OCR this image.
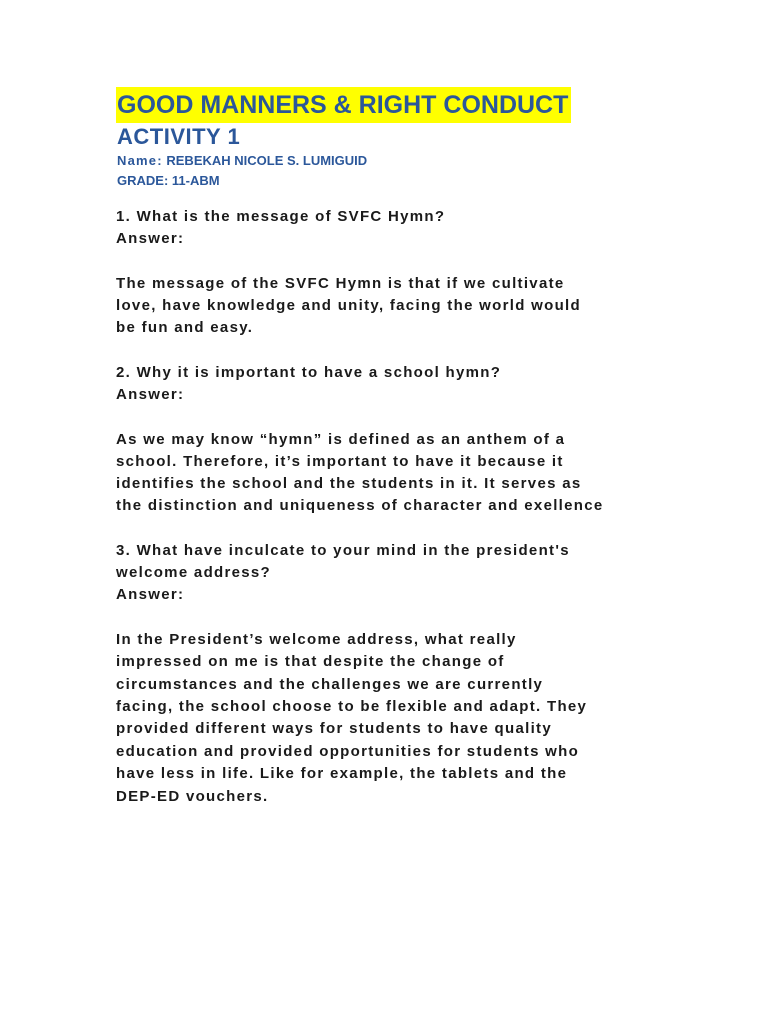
GOOD MANNERS & RIGHT CONDUCT
ACTIVITY 1

Name: REBEKAH NICOLE S. LUMIGUID

GRADE: 11-ABM

1. What is the message of SVFC Hymn?

Answer:

The message of the SVFC Hymn is that if we cultivate

love, have knowledge and unity, facing the world would

be fun and easy.

2. Why it is important to have a school hymn?

Answer:

As we may know “hymn” is defined as an anthem of a

school. Therefore, it’s important to have it because it

identifies the school and the students in it. It serves as

the distinction and uniqueness of character and exellence

3. What have inculcate to your mind in the president's

welcome address?

Answer:

In the President’s welcome address, what really

impressed on me is that despite the change of

circumstances and the challenges we are currently

facing, the school choose to be flexible and adapt. They

provided different ways for students to have quality

education and provided opportunities for students who

have less in life. Like for example, the tablets and the

DEP-ED vouchers.
